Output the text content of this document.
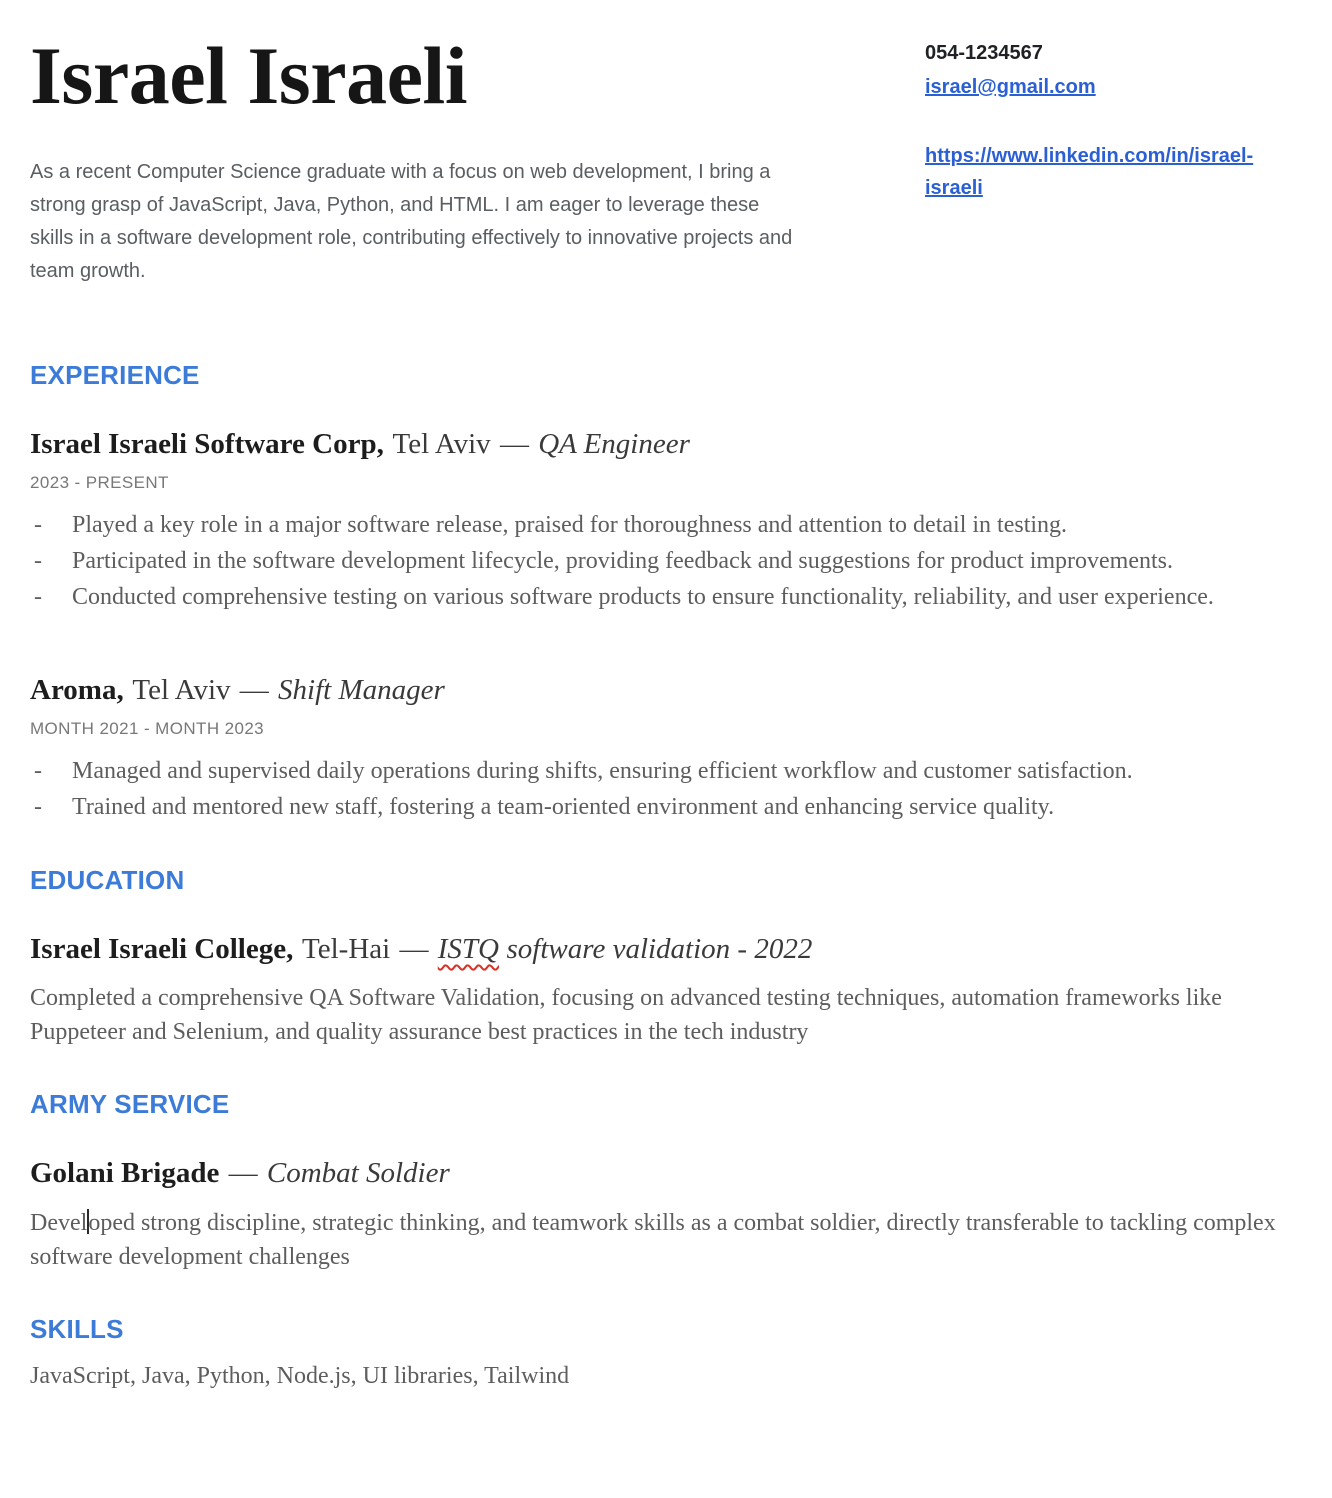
Israel Israeli

As a recent Computer Science graduate with a focus on web development, I bring a strong grasp of JavaScript, Java, Python, and HTML. I am eager to leverage these skills in a software development role, contributing effectively to innovative projects and team growth.

054-1234567
israel@gmail.com
https://www.linkedin.com/in/israel-israeli
EXPERIENCE
Israel Israeli Software Corp, Tel Aviv — QA Engineer
2023 - PRESENT
-	Played a key role in a major software release, praised for thoroughness and attention to detail in testing.
-	Participated in the software development lifecycle, providing feedback and suggestions for product improvements.
-	Conducted comprehensive testing on various software products to ensure functionality, reliability, and user experience.
Aroma, Tel Aviv — Shift Manager
MONTH 2021 - MONTH 2023
-	Managed and supervised daily operations during shifts, ensuring efficient workflow and customer satisfaction.
-	Trained and mentored new staff, fostering a team-oriented environment and enhancing service quality.
EDUCATION
Israel Israeli College, Tel-Hai — ISTQ software validation - 2022

Completed a comprehensive QA Software Validation, focusing on advanced testing techniques, automation frameworks like Puppeteer and Selenium, and quality assurance best practices in the tech industry

ARMY SERVICE
Golani Brigade — Combat Soldier

Developed strong discipline, strategic thinking, and teamwork skills as a combat soldier, directly transferable to tackling complex software development challenges

SKILLS

JavaScript, Java, Python, Node.js, UI libraries, Tailwind
